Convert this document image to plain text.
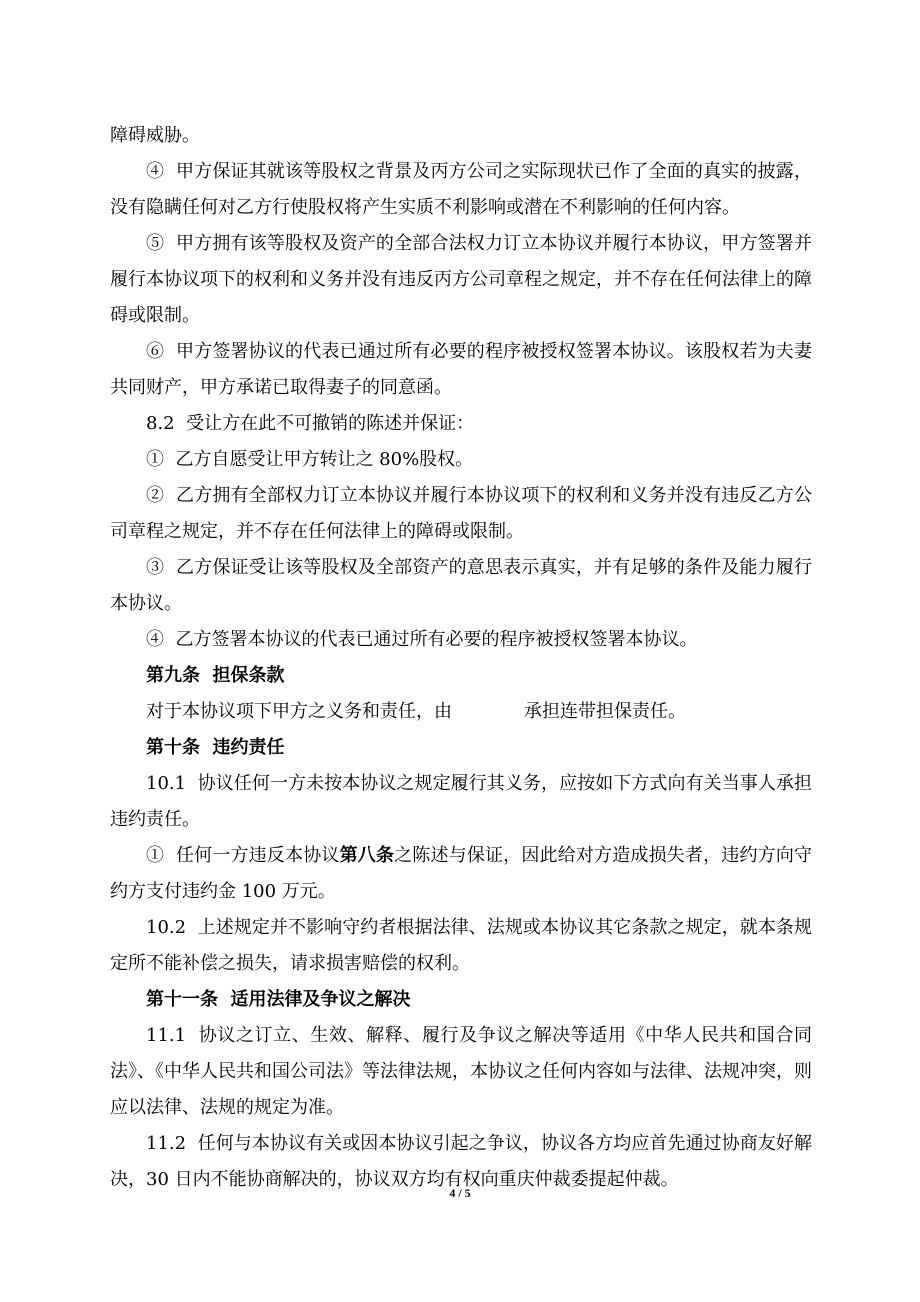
障碍威胁。

④  甲方保证其就该等股权之背景及丙方公司之实际现状已作了全面的真实的披露，没有隐瞒任何对乙方行使股权将产生实质不利影响或潜在不利影响的任何内容。

⑤  甲方拥有该等股权及资产的全部合法权力订立本协议并履行本协议，甲方签署并履行本协议项下的权利和义务并没有违反丙方公司章程之规定，并不存在任何法律上的障碍或限制。

⑥  甲方签署协议的代表已通过所有必要的程序被授权签署本协议。该股权若为夫妻共同财产，甲方承诺已取得妻子的同意函。

8.2  受让方在此不可撤销的陈述并保证：

①  乙方自愿受让甲方转让之 80%股权。

②  乙方拥有全部权力订立本协议并履行本协议项下的权利和义务并没有违反乙方公司章程之规定，并不存在任何法律上的障碍或限制。

③  乙方保证受让该等股权及全部资产的意思表示真实，并有足够的条件及能力履行本协议。

④  乙方签署本协议的代表已通过所有必要的程序被授权签署本协议。

第九条  担保条款

对于本协议项下甲方之义务和责任，由	承担连带担保责任。

第十条  违约责任

10.1  协议任何一方未按本协议之规定履行其义务，应按如下方式向有关当事人承担违约责任。

①  任何一方违反本协议第八条之陈述与保证，因此给对方造成损失者，违约方向守约方支付违约金 100 万元。

10.2  上述规定并不影响守约者根据法律、法规或本协议其它条款之规定，就本条规定所不能补偿之损失，请求损害赔偿的权利。

第十一条  适用法律及争议之解决

11.1  协议之订立、生效、解释、履行及争议之解决等适用《中华人民共和国合同法》、《中华人民共和国公司法》等法律法规，本协议之任何内容如与法律、法规冲突，则应以法律、法规的规定为准。

11.2  任何与本协议有关或因本协议引起之争议，协议各方均应首先通过协商友好解决，30 日内不能协商解决的，协议双方均有权向重庆仲裁委提起仲裁。

4 / 5
